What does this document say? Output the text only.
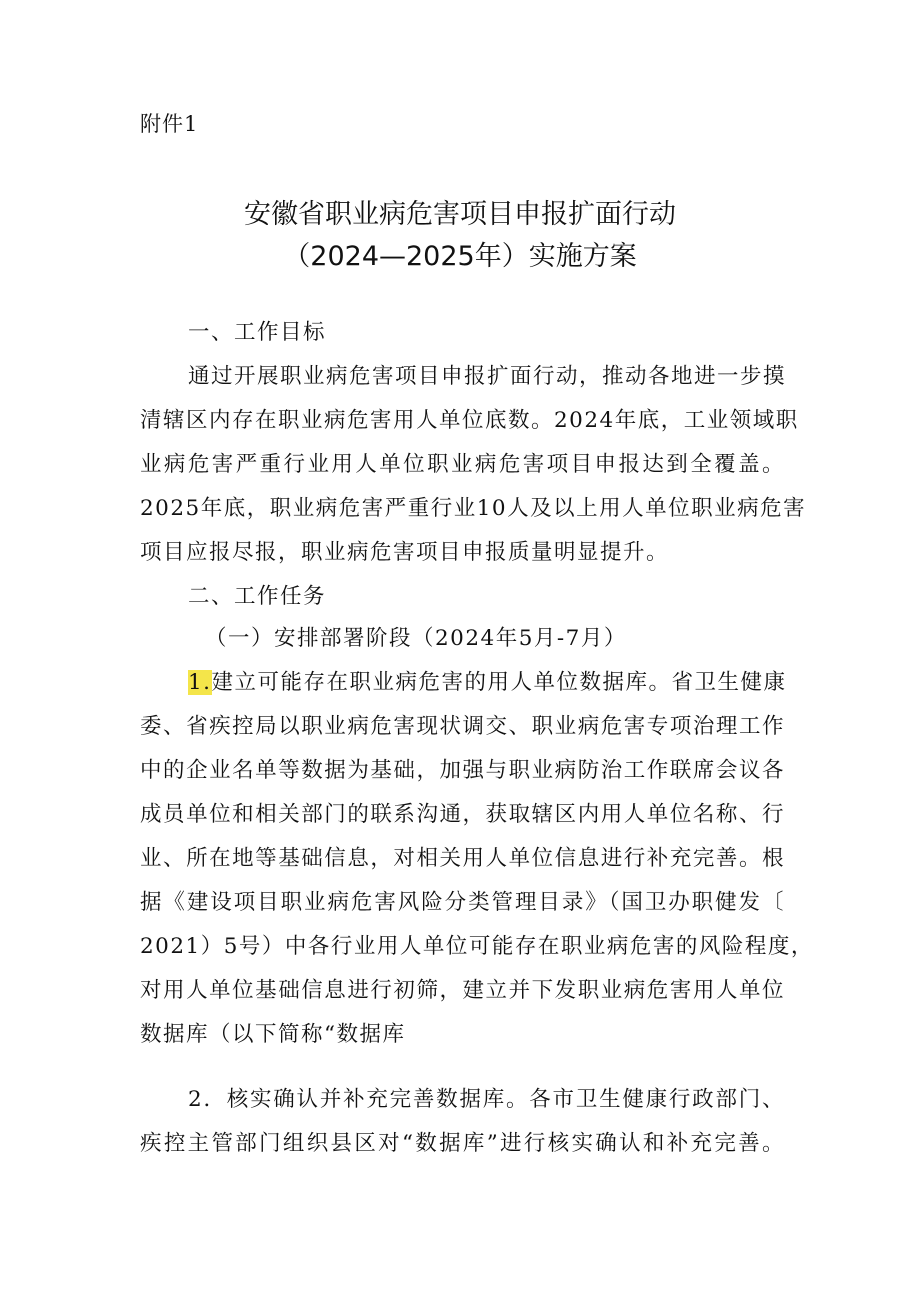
附件1
安徽省职业病危害项目申报扩面行动
（2024—2025年）实施方案
一、工作目标
通过开展职业病危害项目申报扩面行动，推动各地进一步摸
清辖区内存在职业病危害用人单位底数。2024年底，工业领域职
业病危害严重行业用人单位职业病危害项目申报达到全覆盖。
2025年底，职业病危害严重行业10人及以上用人单位职业病危害
项目应报尽报，职业病危害项目申报质量明显提升。
二、工作任务
（一）安排部署阶段（2024年5月-7月）
1.建立可能存在职业病危害的用人单位数据库。省卫生健康
委、省疾控局以职业病危害现状调交、职业病危害专项治理工作
中的企业名单等数据为基础，加强与职业病防治工作联席会议各
成员单位和相关部门的联系沟通，获取辖区内用人单位名称、行
业、所在地等基础信息，对相关用人单位信息进行补充完善。根
据《建设项目职业病危害风险分类管理目录》（国卫办职健发〔
2021）5号）中各行业用人单位可能存在职业病危害的风险程度，
对用人单位基础信息进行初筛，建立并下发职业病危害用人单位
数据库（以下简称“数据库
2．核实确认并补充完善数据库。各市卫生健康行政部门、
疾控主管部门组织县区对“数据库”进行核实确认和补充完善。
